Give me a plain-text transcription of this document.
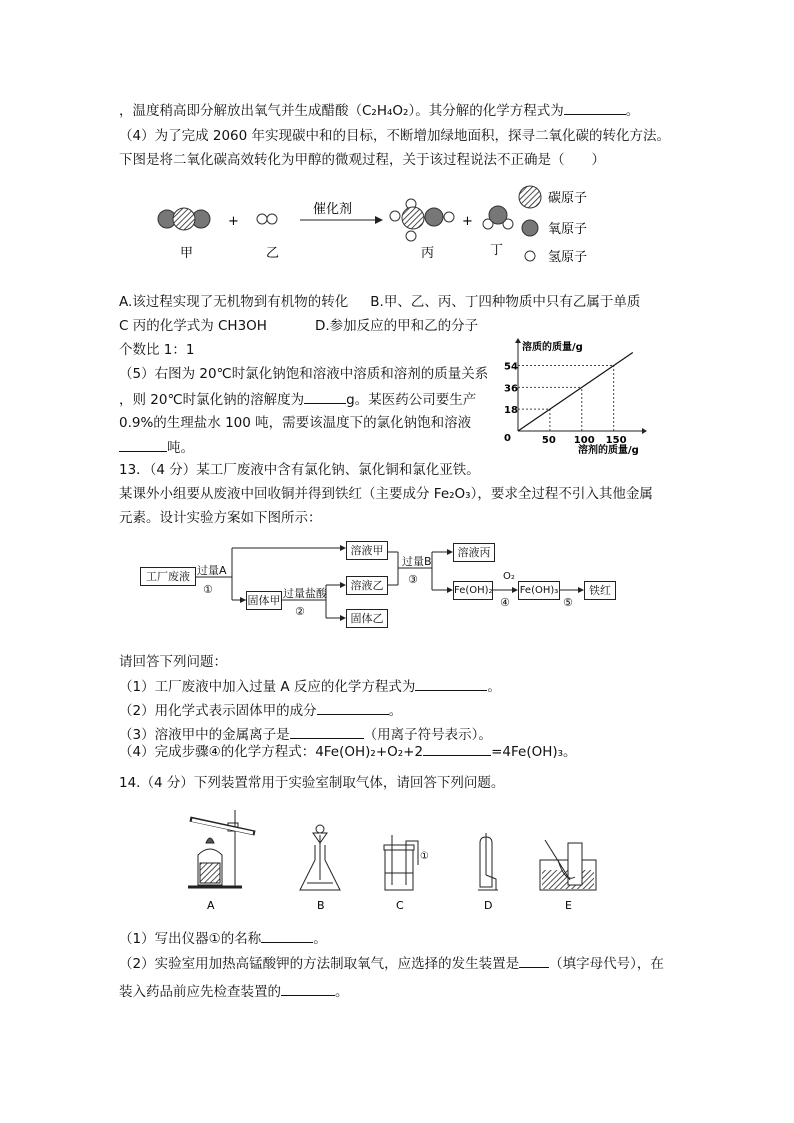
，温度稍高即分解放出氧气并生成醋酸（C₂H₄O₂）。其分解的化学方程式为	。
（4）为了完成 2060 年实现碳中和的目标，不断增加绿地面积，探寻二氧化碳的转化方法。
下图是将二氧化碳高效转化为甲醇的微观过程，关于该过程说法不正确是（　　）
+
催化剂
+
甲	乙	丙	丁
碳原子
氧原子
氢原子
A.该过程实现了无机物到有机物的转化 B.甲、乙、丙、丁四种物质中只有乙属于单质
C 丙的化学式为 CH3OH	D.参加反应的甲和乙的分子
个数比 1：1
（5）右图为 20℃时氯化钠饱和溶液中溶质和溶剂的质量关系
，则 20℃时氯化钠的溶解度为	g。某医药公司要生产
0.9%的生理盐水 100 吨，需要该温度下的氯化钠饱和溶液
吨。
溶质的质量/g
溶剂的质量/g
0	50
18
100
36
150
54
13．（4 分）某工厂废液中含有氯化钠、氯化铜和氯化亚铁。
某课外小组要从废液中回收铜并得到铁红（主要成分 Fe₂O₃），要求全过程不引入其他金属
元素。设计实验方案如下图所示：
工厂废液 过量A
①
溶液甲
固体甲
过量盐酸
②
溶液乙
固体乙
过量B
③
溶液丙
Fe(OH)₂
O₂
④
Fe(OH)₃
⑤
铁红
请回答下列问题：
（1）工厂废液中加入过量 A 反应的化学方程式为	。
（2）用化学式表示固体甲的成分	。
（3）溶液甲中的金属离子是	（用离子符号表示）。
（4）完成步骤④的化学方程式：4Fe(OH)₂+O₂+2	=4Fe(OH)₃。
14.（4 分）下列装置常用于实验室制取气体，请回答下列问题。
A	B	C	D	E
①
（1）写出仪器①的名称	。
（2）实验室用加热高锰酸钾的方法制取氧气，应选择的发生装置是 （填字母代号），在
装入药品前应先检查装置的	。
